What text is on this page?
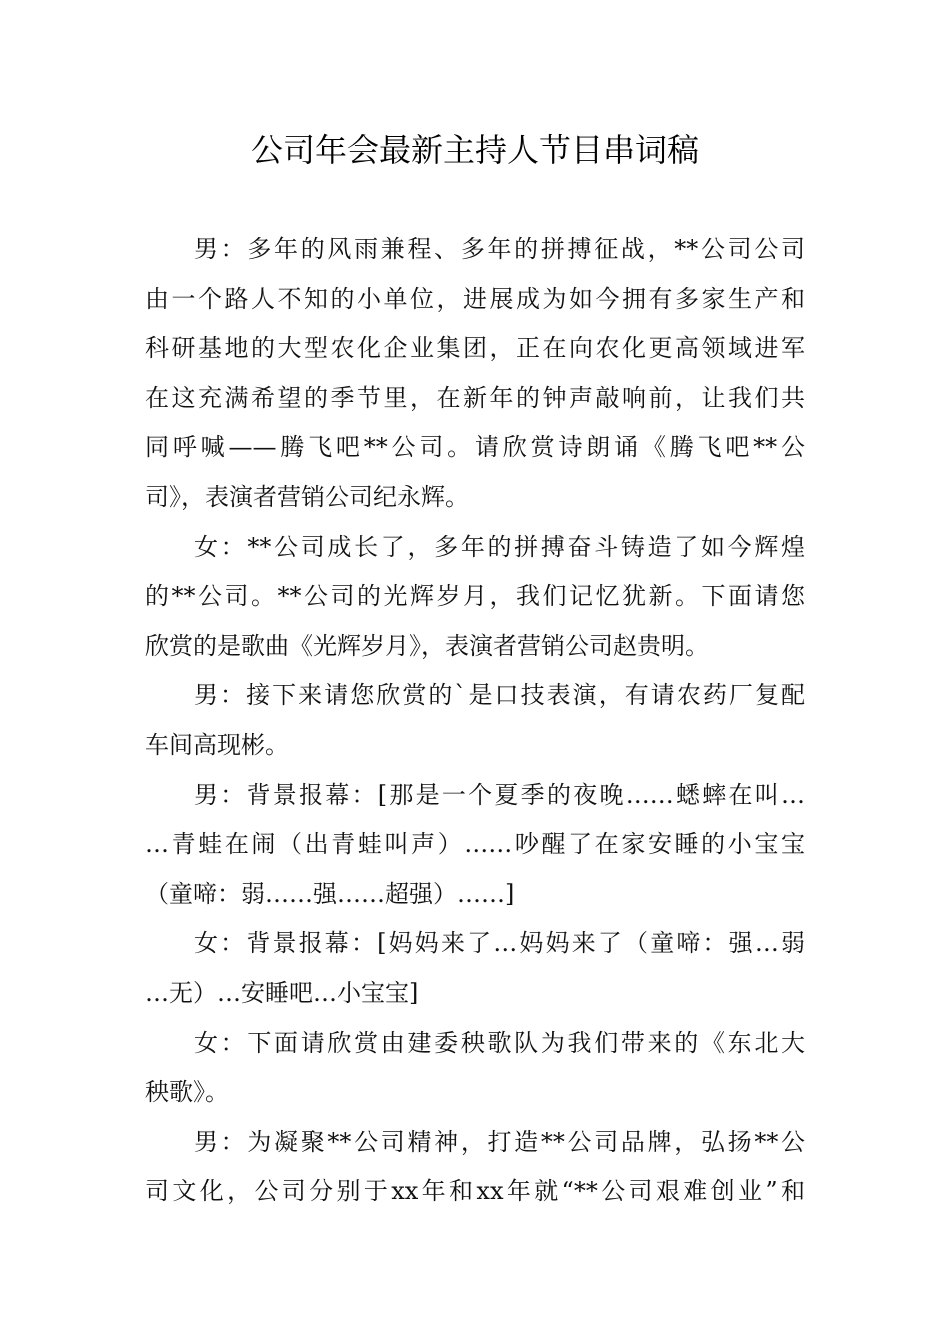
公司年会最新主持人节目串词稿
男：多年的风雨兼程、多年的拼搏征战，**公司公司
由一个路人不知的小单位，进展成为如今拥有多家生产和
科研基地的大型农化企业集团，正在向农化更高领域进军
在这充满希望的季节里，在新年的钟声敲响前，让我们共
同呼喊——腾飞吧**公司。请欣赏诗朗诵《腾飞吧**公
司》，表演者营销公司纪永辉。
女：**公司成长了，多年的拼搏奋斗铸造了如今辉煌
的**公司。**公司的光辉岁月，我们记忆犹新。下面请您
欣赏的是歌曲《光辉岁月》，表演者营销公司赵贵明。
男：接下来请您欣赏的`是口技表演，有请农药厂复配
车间高现彬。
男：背景报幕：[那是一个夏季的夜晚……蟋蟀在叫…
…青蛙在闹（出青蛙叫声）……吵醒了在家安睡的小宝宝
（童啼：弱……强……超强）……]
女：背景报幕：[妈妈来了…妈妈来了（童啼：强…弱
…无）…安睡吧…小宝宝]
女：下面请欣赏由建委秧歌队为我们带来的《东北大
秧歌》。
男：为凝聚**公司精神，打造**公司品牌，弘扬**公
司文化，公司分别于xx年和xx年就“**公司艰难创业”和
